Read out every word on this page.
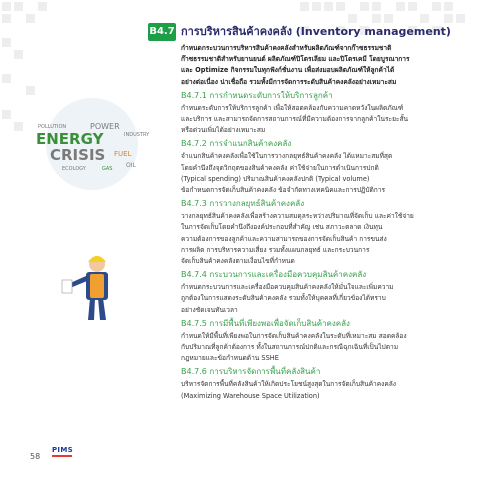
POWER
POLLUTION
ENERGY	INDUSTRY
CRISIS FUEL
ECOLOGY	GAS OIL
B4.7 การบริหารสินค้าคงคลัง (Inventory management)

กำหนดกระบวนการบริหารสินค้าคงคลังสำหรับผลิตภัณฑ์จากก๊าซธรรมชาติ

ก๊าซธรรมชาติสำหรับยานยนต์ ผลิตภัณฑ์ปิโตรเลียม และปิโตรเคมี โดยบูรณาการ

และ Optimize กิจกรรมในทุกฟังก์ชั่นงาน เพื่อส่งมอบผลิตภัณฑ์ให้ลูกค้าได้

อย่างต่อเนื่อง น่าเชื่อถือ รวมทั้งมีการจัดการระดับสินค้าคงคลังอย่างเหมาะสม

B4.7.1 การกำหนดระดับการให้บริการลูกค้า

กำหนดระดับการให้บริการลูกค้า เพื่อให้สอดคล้องกับความคาดหวังในผลิตภัณฑ์

และบริการ และสามารถจัดการสถานการณ์ที่มีความต้องการจากลูกค้าในระยะสั้น

หรือด่วนเพิ่มได้อย่างเหมาะสม

B4.7.2 การจำแนกสินค้าคงคลัง

จำแนกสินค้าคงคลังเพื่อใช้ในการวางกลยุทธ์สินค้าคงคลัง ได้แหมาะสมที่สุด

โดยคำนึงถึงจุดวิกฤตของสินค้าคงคลัง ค่าใช้จ่ายในการดำเนินการปกติ

(Typical spending) ปริมาณสินค้าคงคลังปกติ (Typical volume)

ข้อกำหนดการจัดเก็บสินค้าคงคลัง ข้อจำกัดทางเทคนิคและการปฏิบัติการ

B4.7.3 การวางกลยุทธ์สินค้าคงคลัง

วางกลยุทธ์สินค้าคงคลังเพื่อสร้างความสมดุลระหว่างปริมาณที่จัดเก็บ และค่าใช้จ่าย

ในการจัดเก็บโดยคำนึงถึงองค์ประกอบที่สำคัญ เช่น สภาวะตลาด เงินทุน

ความต้องการของลูกค้าและความสามารถของการจัดเก็บสินค้า การขนส่ง

การผลิต การบริหารความเสี่ยง รวมทั้งแผนกลยุทธ์ และกระบวนการ

จัดเก็บสินค้าคงคลังตามเงื่อนไขที่กำหนด

B4.7.4 กระบวนการและเครื่องมือควบคุมสินค้าคงคลัง

กำหนดกระบวนการและเครื่องมือควบคุมสินค้าคงคลังให้มั่นใจและเพิ่มความ

ถูกต้องในการแสดงระดับสินค้าคงคลัง รวมทั้งให้บุคคลที่เกี่ยวข้องได้ทราบ

อย่างชัดเจนทันเวลา

B4.7.5 การมีพื้นที่เพียงพอเพื่อจัดเก็บสินค้าคงคลัง

กำหนดให้มีพื้นที่เพียงพอในการจัดเก็บสินค้าคงคลังในระดับที่เหมาะสม สอดคล้อง

กับปริมาณที่ลูกค้าต้องการ ทั้งในสถานการณ์ปกติและกรณีฉุกเฉินที่เป็นไปตาม

กฎหมายและข้อกำหนดด้าน SSHE

B4.7.6 การบริหารจัดการพื้นที่คลังสินค้า

บริหารจัดการพื้นที่คลังสินค้าให้เกิดประโยชน์สูงสุดในการจัดเก็บสินค้าคงคลัง

(Maximizing Warehouse Space Utilization)

58
PIMS
